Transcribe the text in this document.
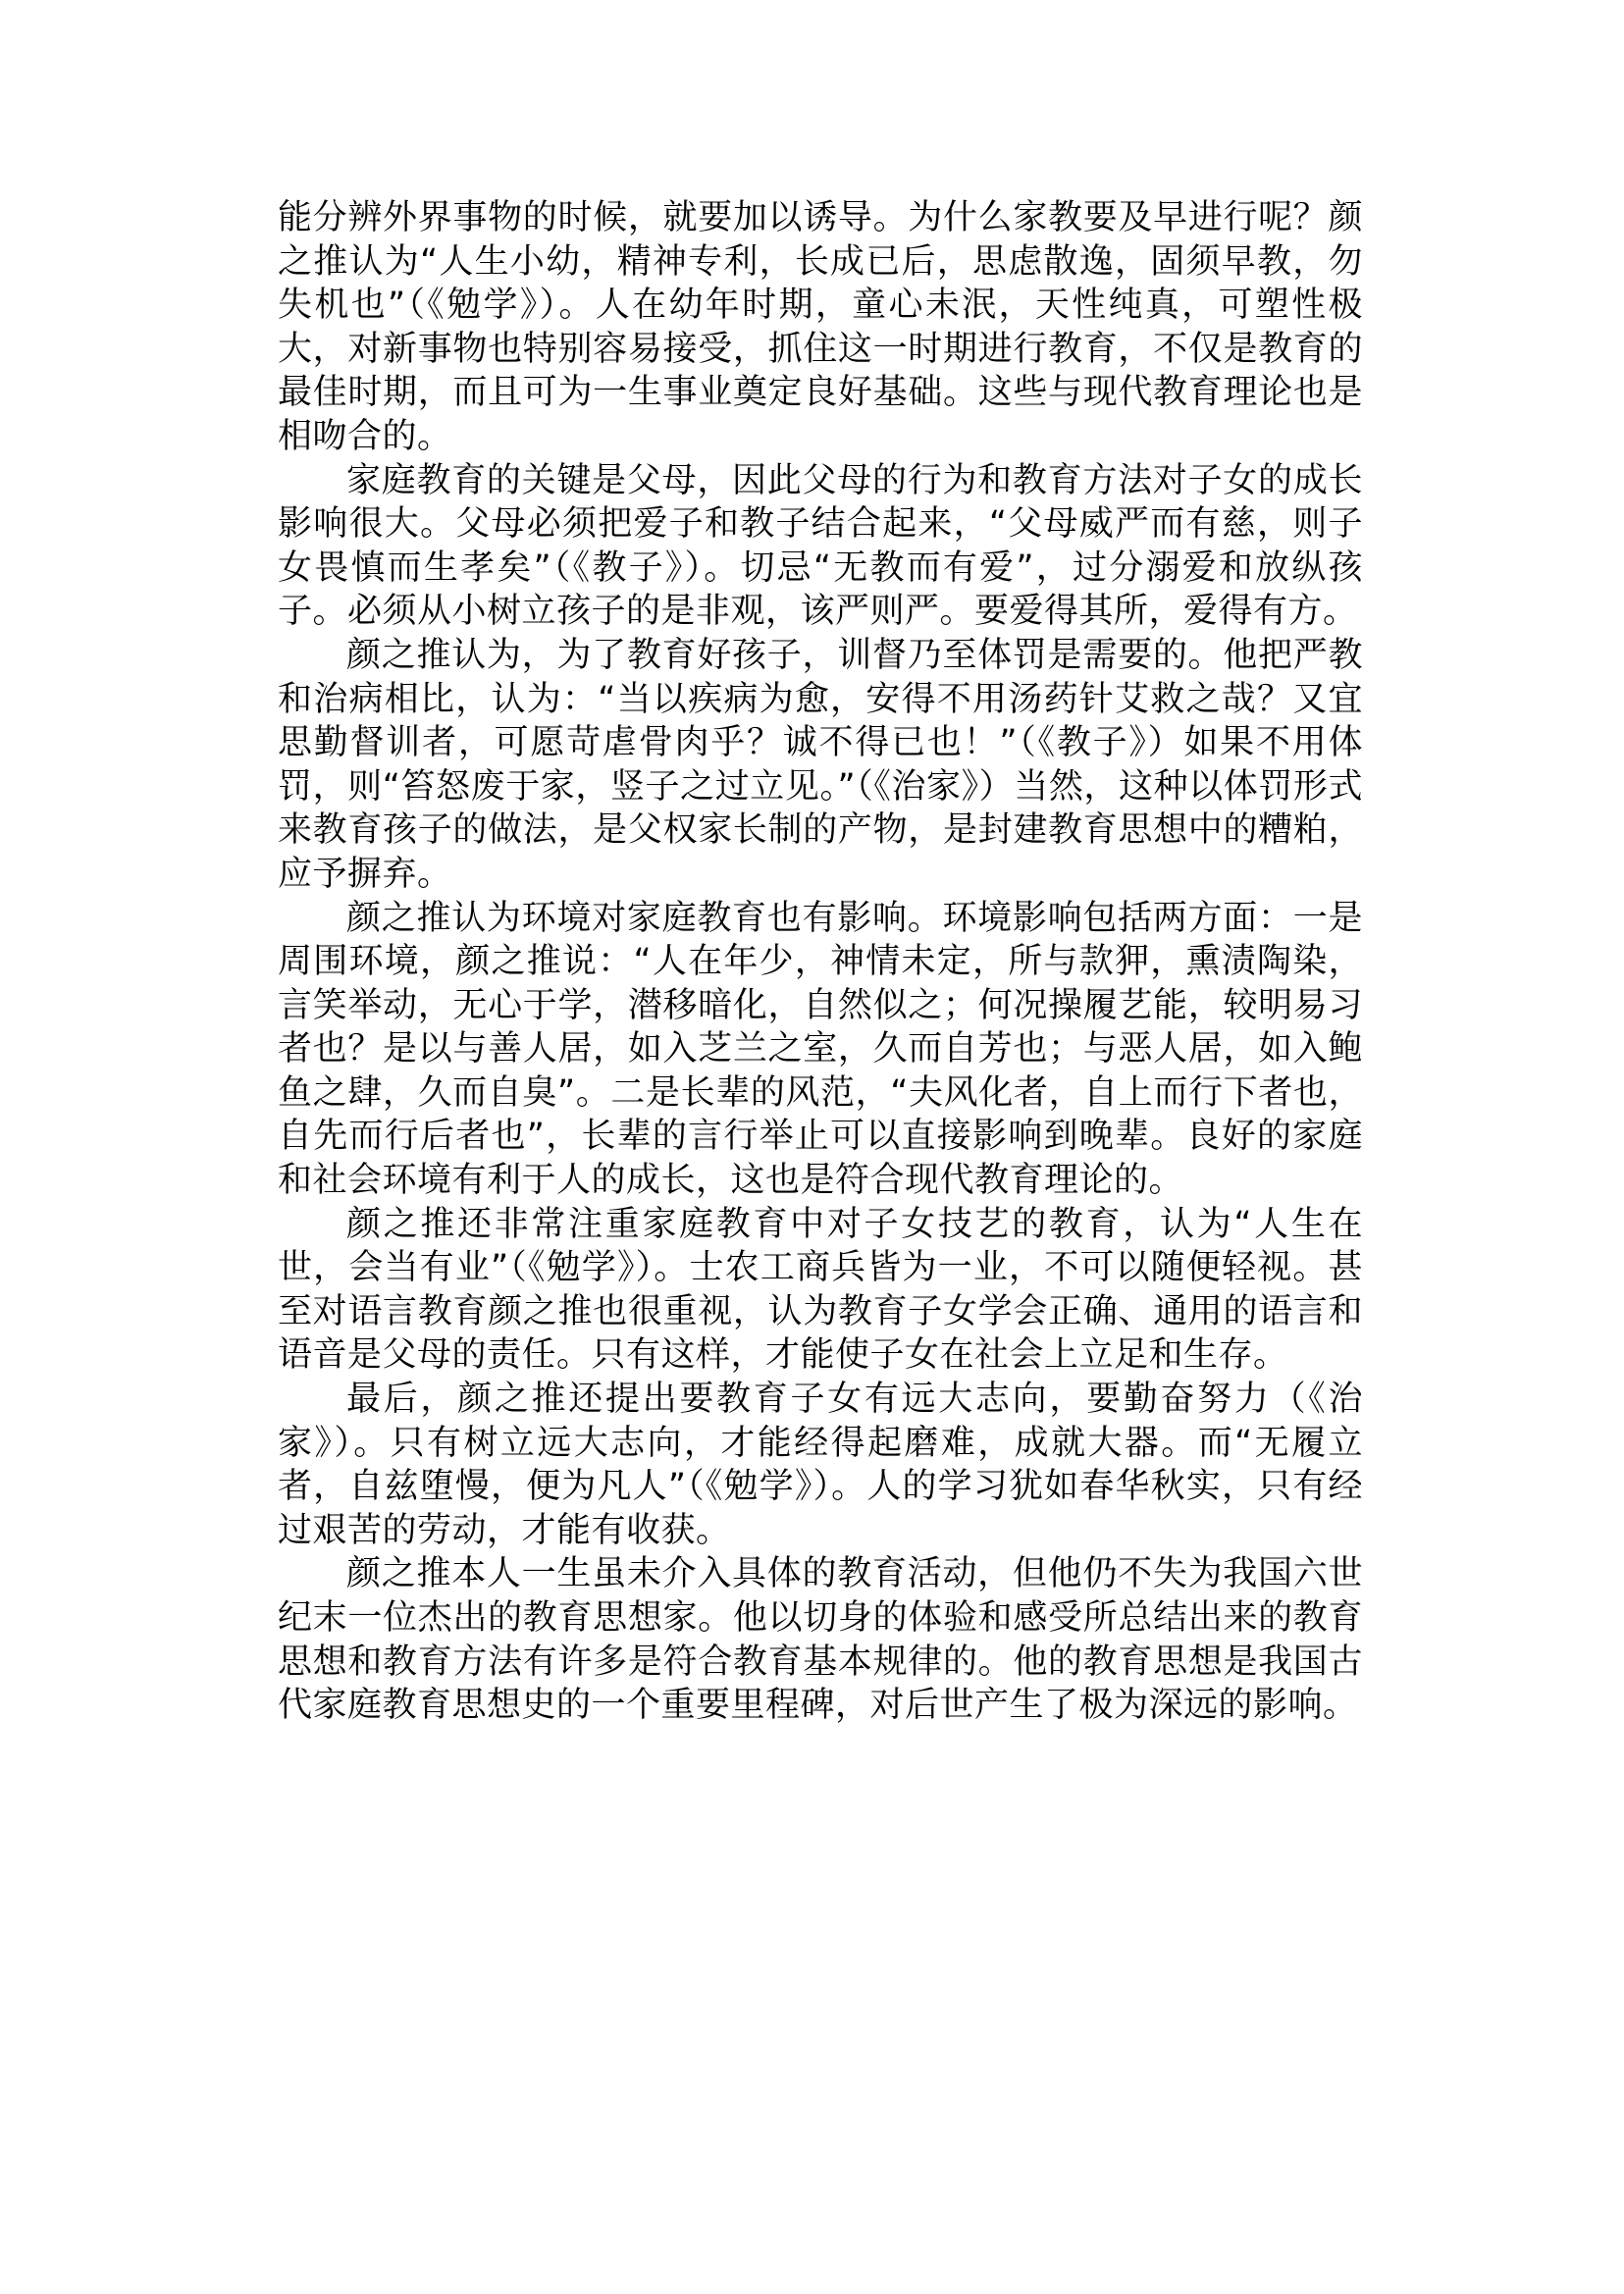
能分辨外界事物的时候，就要加以诱导。为什么家教要及早进行呢？颜之推认为“人生小幼，精神专利，长成已后，思虑散逸，固须早教，勿失机也”（《勉学》）。人在幼年时期，童心未泯，天性纯真，可塑性极大，对新事物也特别容易接受，抓住这一时期进行教育，不仅是教育的最佳时期，而且可为一生事业奠定良好基础。这些与现代教育理论也是相吻合的。

家庭教育的关键是父母，因此父母的行为和教育方法对子女的成长影响很大。父母必须把爱子和教子结合起来，“父母威严而有慈，则子女畏慎而生孝矣”（《教子》）。切忌“无教而有爱”，过分溺爱和放纵孩子。必须从小树立孩子的是非观，该严则严。要爱得其所，爱得有方。

颜之推认为，为了教育好孩子，训督乃至体罚是需要的。他把严教和治病相比，认为：“当以疾病为愈，安得不用汤药针艾救之哉？又宜思勤督训者，可愿苛虐骨肉乎？诚不得已也！”（《教子》）如果不用体罚，则“笞怒废于家，竖子之过立见。”（《治家》）当然，这种以体罚形式来教育孩子的做法，是父权家长制的产物，是封建教育思想中的糟粕，应予摒弃。

颜之推认为环境对家庭教育也有影响。环境影响包括两方面：一是周围环境，颜之推说：“人在年少，神情未定，所与款狎，熏渍陶染，言笑举动，无心于学，潜移暗化，自然似之；何况操履艺能，较明易习者也？是以与善人居，如入芝兰之室，久而自芳也；与恶人居，如入鲍鱼之肆，久而自臭”。二是长辈的风范，“夫风化者，自上而行下者也，自先而行后者也”，长辈的言行举止可以直接影响到晚辈。良好的家庭和社会环境有利于人的成长，这也是符合现代教育理论的。

颜之推还非常注重家庭教育中对子女技艺的教育，认为“人生在世，会当有业”（《勉学》）。士农工商兵皆为一业，不可以随便轻视。甚至对语言教育颜之推也很重视，认为教育子女学会正确、通用的语言和语音是父母的责任。只有这样，才能使子女在社会上立足和生存。

最后，颜之推还提出要教育子女有远大志向，要勤奋努力（《治家》）。只有树立远大志向，才能经得起磨难，成就大器。而“无履立者，自兹堕慢，便为凡人”（《勉学》）。人的学习犹如春华秋实，只有经过艰苦的劳动，才能有收获。

颜之推本人一生虽未介入具体的教育活动，但他仍不失为我国六世纪末一位杰出的教育思想家。他以切身的体验和感受所总结出来的教育思想和教育方法有许多是符合教育基本规律的。他的教育思想是我国古代家庭教育思想史的一个重要里程碑，对后世产生了极为深远的影响。
